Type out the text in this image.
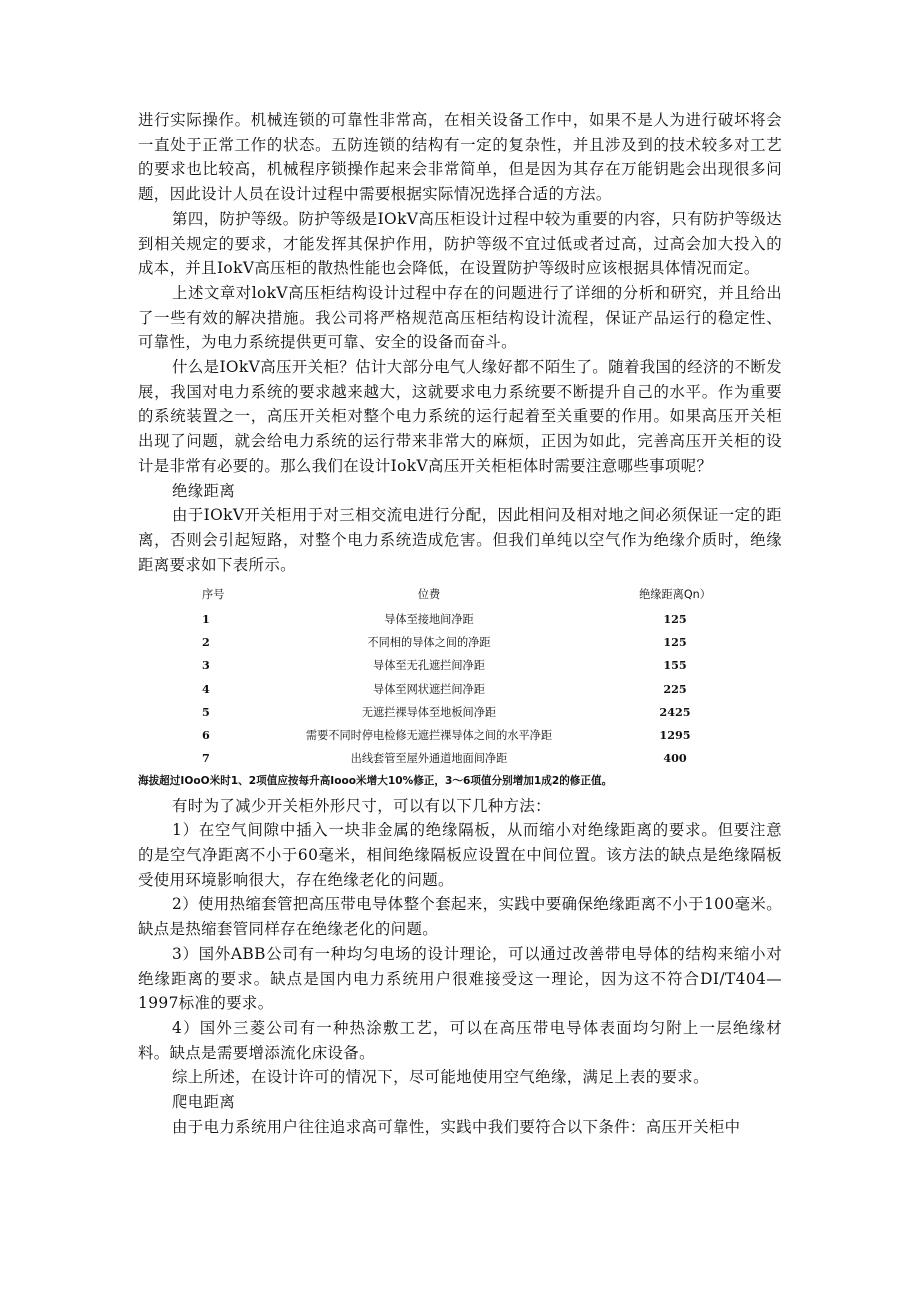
进行实际操作。机械连锁的可靠性非常高，在相关设备工作中，如果不是人为进行破坏将会一直处于正常工作的状态。五防连锁的结构有一定的复杂性，并且涉及到的技术较多对工艺的要求也比较高，机械程序锁操作起来会非常简单，但是因为其存在万能钥匙会出现很多问题，因此设计人员在设计过程中需要根据实际情况选择合适的方法。

第四，防护等级。防护等级是IOkV高压柜设计过程中较为重要的内容，只有防护等级达到相关规定的要求，才能发挥其保护作用，防护等级不宜过低或者过高，过高会加大投入的成本，并且IokV高压柜的散热性能也会降低，在设置防护等级时应该根据具体情况而定。

上述文章对lokV高压柜结构设计过程中存在的问题进行了详细的分析和研究，并且给出了一些有效的解决措施。我公司将严格规范高压柜结构设计流程，保证产品运行的稳定性、可靠性，为电力系统提供更可靠、安全的设备而奋斗。

什么是IOkV高压开关柜？估计大部分电气人缘好都不陌生了。随着我国的经济的不断发展，我国对电力系统的要求越来越大，这就要求电力系统要不断提升自己的水平。作为重要的系统装置之一，高压开关柜对整个电力系统的运行起着至关重要的作用。如果高压开关柜出现了问题，就会给电力系统的运行带来非常大的麻烦，正因为如此，完善高压开关柜的设计是非常有必要的。那么我们在设计IokV高压开关柜柜体时需要注意哪些事项呢？

绝缘距离

由于IOkV开关柜用于对三相交流电进行分配，因此相问及相对地之间必须保证一定的距离，否则会引起短路，对整个电力系统造成危害。但我们单纯以空气作为绝缘介质时，绝缘距离要求如下表所示。

序号	位费	绝缘距离Qn）
1	导体至接地间净距	125
2	不同相的导体之间的净距	125
3	导体至无孔遮拦间净距	155
4	导体至网状遮拦间净距	225
5	无遮拦裸导体至地板间净距	2425
6	需要不同时停电检修无遮拦裸导体之间的水平净距	1295
7	出线套管至屋外通道地面间净距	400
海拔超过IOoO米时1、2项值应按每升高Iooo米增大10%修正，3〜6项值分别增加1成2的修正值。

有时为了减少开关柜外形尺寸，可以有以下几种方法：

1）在空气间隙中插入一块非金属的绝缘隔板，从而缩小对绝缘距离的要求。但要注意的是空气净距离不小于60毫米，相间绝缘隔板应设置在中间位置。该方法的缺点是绝缘隔板受使用环境影响很大，存在绝缘老化的问题。

2）使用热缩套管把高压带电导体整个套起来，实践中要确保绝缘距离不小于100毫米。缺点是热缩套管同样存在绝缘老化的问题。

3）国外ABB公司有一种均匀电场的设计理论，可以通过改善带电导体的结构来缩小对绝缘距离的要求。缺点是国内电力系统用户很难接受这一理论，因为这不符合DI/T404—1997标准的要求。

4）国外三菱公司有一种热涂敷工艺，可以在高压带电导体表面均匀附上一层绝缘材料。缺点是需要增添流化床设备。

综上所述，在设计许可的情况下，尽可能地使用空气绝缘，满足上表的要求。

爬电距离

由于电力系统用户往往追求高可靠性，实践中我们要符合以下条件：高压开关柜中
